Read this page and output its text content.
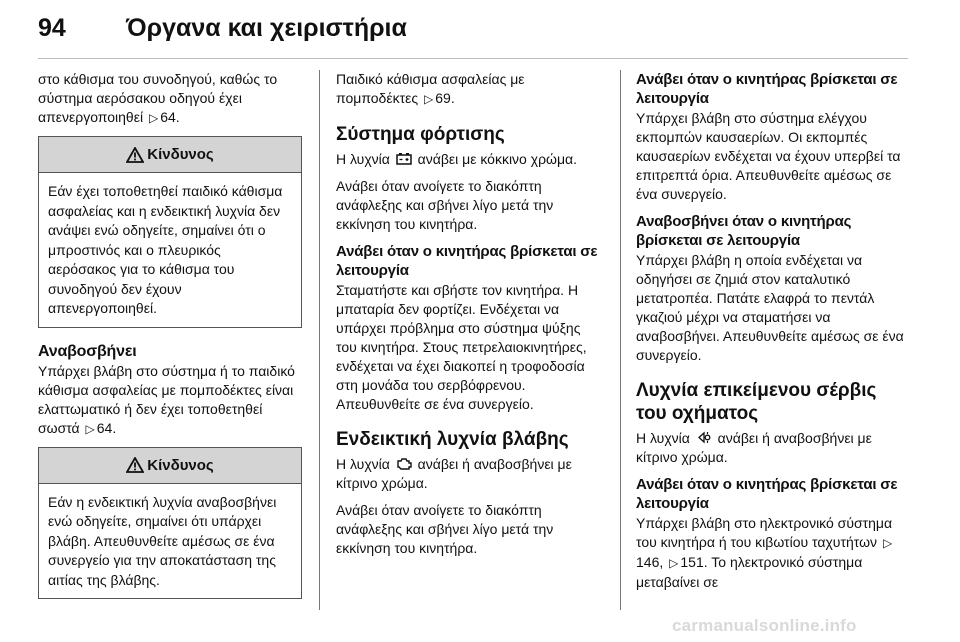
94	Όργανα και χειριστήρια
στο κάθισμα του συνοδηγού, καθώς το σύστημα αερόσακου οδηγού έχει απενεργοποιηθεί ▷ 64.
Κίνδυνος
Εάν έχει τοποθετηθεί παιδικό κάθισμα ασφαλείας και η ενδεικτική λυχνία δεν ανάψει ενώ οδηγείτε, σημαίνει ότι ο μπροστινός και ο πλευρικός αερόσακος για το κάθισμα του συνοδηγού δεν έχουν απενεργοποιηθεί.
Αναβοσβήνει
Υπάρχει βλάβη στο σύστημα ή το παιδικό κάθισμα ασφαλείας με πομποδέκτες είναι ελαττωματικό ή δεν έχει τοποθετηθεί σωστά ▷ 64.
Κίνδυνος
Εάν η ενδεικτική λυχνία αναβοσβήνει ενώ οδηγείτε, σημαίνει ότι υπάρχει βλάβη. Απευθυνθείτε αμέσως σε ένα συνεργείο για την αποκατάσταση της αιτίας της βλάβης.
Παιδικό κάθισμα ασφαλείας με πομποδέκτες ▷ 69.
Σύστημα φόρτισης
Η λυχνία ανάβει με κόκκινο χρώμα.
Ανάβει όταν ανοίγετε το διακόπτη ανάφλεξης και σβήνει λίγο μετά την εκκίνηση του κινητήρα.
Ανάβει όταν ο κινητήρας βρίσκεται σε λειτουργία
Σταματήστε και σβήστε τον κινητήρα. Η μπαταρία δεν φορτίζει. Ενδέχεται να υπάρχει πρόβλημα στο σύστημα ψύξης του κινητήρα. Στους πετρελαιοκινητήρες, ενδέχεται να έχει διακοπεί η τροφοδοσία στη μονάδα του σερβόφρενου. Απευθυνθείτε σε ένα συνεργείο.
Ενδεικτική λυχνία βλάβης
Η λυχνία ανάβει ή αναβοσβήνει με κίτρινο χρώμα.
Ανάβει όταν ανοίγετε το διακόπτη ανάφλεξης και σβήνει λίγο μετά την εκκίνηση του κινητήρα.
Ανάβει όταν ο κινητήρας βρίσκεται σε λειτουργία
Υπάρχει βλάβη στο σύστημα ελέγχου εκπομπών καυσαερίων. Οι εκπομπές καυσαερίων ενδέχεται να έχουν υπερβεί τα επιτρεπτά όρια. Απευθυνθείτε αμέσως σε ένα συνεργείο.
Αναβοσβήνει όταν ο κινητήρας βρίσκεται σε λειτουργία
Υπάρχει βλάβη η οποία ενδέχεται να οδηγήσει σε ζημιά στον καταλυτικό μετατροπέα. Πατάτε ελαφρά το πεντάλ γκαζιού μέχρι να σταματήσει να αναβοσβήνει. Απευθυνθείτε αμέσως σε ένα συνεργείο.
Λυχνία επικείμενου σέρβις του οχήματος
Η λυχνία ανάβει ή αναβοσβήνει με κίτρινο χρώμα.
Ανάβει όταν ο κινητήρας βρίσκεται σε λειτουργία
Υπάρχει βλάβη στο ηλεκτρονικό σύστημα του κινητήρα ή του κιβωτίου ταχυτήτων ▷146, ▷ 151. Το ηλεκτρονικό σύστημα μεταβαίνει σε
carmanualsonline.info
